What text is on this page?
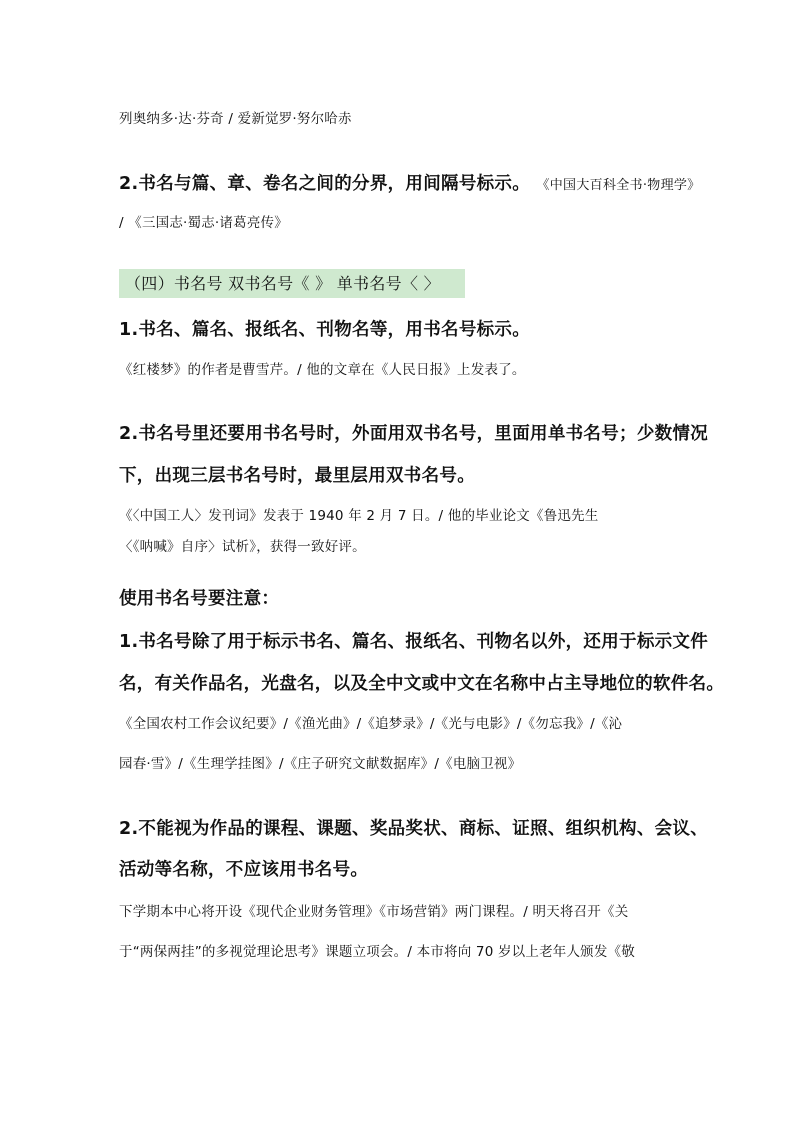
列奥纳多·达·芬奇 / 爱新觉罗·努尔哈赤

2.书名与篇、章、卷名之间的分界，用间隔号标示。 《中国大百科全书·物理学》

/ 《三国志·蜀志·诸葛亮传》

（四）书名号 双书名号《 》 单书名号〈 〉

1.书名、篇名、报纸名、刊物名等，用书名号标示。

《红楼梦》的作者是曹雪芹。/ 他的文章在《人民日报》上发表了。

2.书名号里还要用书名号时，外面用双书名号，里面用单书名号；少数情况

下，出现三层书名号时，最里层用双书名号。

《〈中国工人〉发刊词》发表于 1940 年 2 月 7 日。/ 他的毕业论文《鲁迅先生

〈《呐喊》自序〉试析》，获得一致好评。

使用书名号要注意：

1.书名号除了用于标示书名、篇名、报纸名、刊物名以外，还用于标示文件

名，有关作品名，光盘名，以及全中文或中文在名称中占主导地位的软件名。

《全国农村工作会议纪要》/《渔光曲》/《追梦录》/《光与电影》/《勿忘我》/《沁

园春·雪》/《生理学挂图》/《庄子研究文献数据库》/《电脑卫视》

2.不能视为作品的课程、课题、奖品奖状、商标、证照、组织机构、会议、

活动等名称，不应该用书名号。

下学期本中心将开设《现代企业财务管理》《市场营销》两门课程。/ 明天将召开《关

于“两保两挂”的多视觉理论思考》课题立项会。/ 本市将向 70 岁以上老年人颁发《敬
